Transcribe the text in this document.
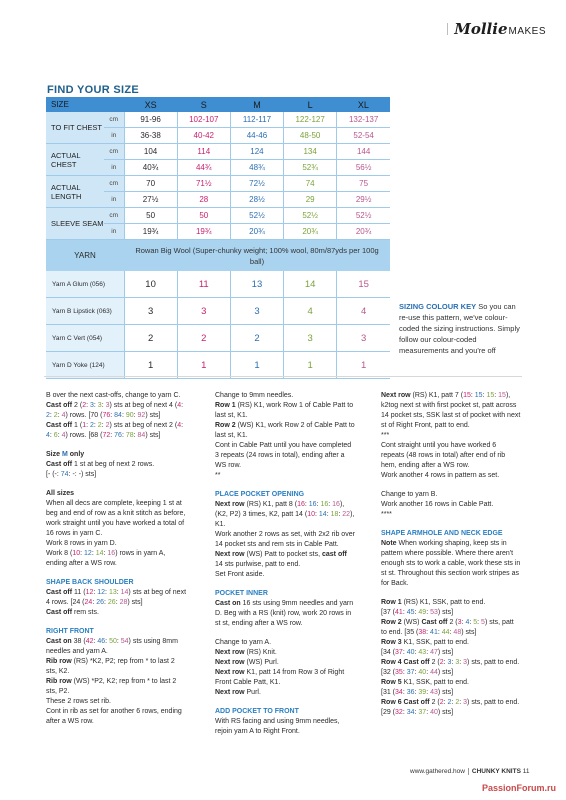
Mollie MAKES
FIND YOUR SIZE
SIZE		XS	S	M	L	XL
TO FIT CHEST	cm	91-96	102-107	112-117	122-127	132-137
	in	36-38	40-42	44-46	48-50	52-54
ACTUAL CHEST	cm	104	114	124	134	144
	in	40¾	44¾	48¾	52¾	56½
ACTUAL LENGTH	cm	70	71½	72½	74	75
	in	27½	28	28½	29	29½
SLEEVE SEAM	cm	50	50	52½	52½	52½
	in	19¾	19¾	20¾	20¾	20¾
YARN		Rowan Big Wool (Super-chunky weight; 100% wool, 80m/87yds per 100g ball)				
Yarn A Glum (056)		10	11	13	14	15
Yarn B Lipstick (063)		3	3	3	4	4
Yarn C Vert (054)		2	2	2	3	3
Yarn D Yoke (124)		1	1	1	1	1
SIZING COLOUR KEY So you can re-use this pattern, we've colour-coded the sizing instructions. Simply follow our colour-coded measurements and you're off

B over the next cast-offs, change to yarn C.

Cast off 2 (2: 3: 3: 3) sts at beg of next 4 (4: 2: 2: 4) rows. [70 (76: 84: 90: 92) sts]

Cast off 1 (1: 2: 2: 2) sts at beg of next 2 (4: 4: 6: 4) rows. [68 (72: 76: 78: 84) sts]

Size M only

Cast off 1 st at beg of next 2 rows.

[- (-: 74: -: -) sts]

All sizes

When all decs are complete, keeping 1 st at beg and end of row as a knit stitch as before, work straight until you have worked a total of 16 rows in yarn C.

Work 8 rows in yarn D.

Work 8 (10: 12: 14: 16) rows in yarn A, ending after a WS row.

SHAPE BACK SHOULDER

Cast off 11 (12: 12: 13: 14) sts at beg of next 4 rows. [24 (24: 26: 26: 28) sts]

Cast off rem sts.

RIGHT FRONT

Cast on 38 (42: 46: 50: 54) sts using 8mm needles and yarn A.

Rib row (RS) *K2, P2; rep from * to last 2 sts, K2.

Rib row (WS) *P2, K2; rep from * to last 2 sts, P2.

These 2 rows set rib.

Cont in rib as set for another 6 rows, ending after a WS row.

Change to 9mm needles.

Row 1 (RS) K1, work Row 1 of Cable Patt to last st, K1.

Row 2 (WS) K1, work Row 2 of Cable Patt to last st, K1.

Cont in Cable Patt until you have completed 3 repeats (24 rows in total), ending after a WS row.

**

PLACE POCKET OPENING

Next row (RS) K1, patt 8 (16: 16: 16: 16), (K2, P2) 3 times, K2, patt 14 (10: 14: 18: 22), K1.

Work another 2 rows as set, with 2x2 rib over 14 pocket sts and rem sts in Cable Patt.

Next row (WS) Patt to pocket sts, cast off 14 sts purlwise, patt to end.

Set Front aside.

POCKET INNER

Cast on 16 sts using 9mm needles and yarn D. Beg with a RS (knit) row, work 20 rows in st st, ending after a WS row.

Change to yarn A.

Next row (RS) Knit.

Next row (WS) Purl.

Next row K1, patt 14 from Row 3 of Right Front Cable Patt, K1.

Next row Purl.

ADD POCKET TO FRONT

With RS facing and using 9mm needles, rejoin yarn A to Right Front.

Next row (RS) K1, patt 7 (15: 15: 15: 15), k2tog next st with first pocket st, patt across 14 pocket sts, SSK last st of pocket with next st of Right Front, patt to end.

***

Cont straight until you have worked 6 repeats (48 rows in total) after end of rib hem, ending after a WS row.

Work another 4 rows in pattern as set.

Change to yarn B.

Work another 16 rows in Cable Patt.

****

SHAPE ARMHOLE AND NECK EDGE

Note When working shaping, keep sts in pattern where possible. Where there aren't enough sts to work a cable, work these sts in st st. Throughout this section work stripes as for Back.

Row 1 (RS) K1, SSK, patt to end.

[37 (41: 45: 49: 53) sts]

Row 2 (WS) Cast off 2 (3: 4: 5: 5) sts, patt to end. [35 (38: 41: 44: 48) sts]

Row 3 K1, SSK, patt to end.

[34 (37: 40: 43: 47) sts]

Row 4 Cast off 2 (2: 3: 3: 3) sts, patt to end. [32 (35: 37: 40: 44) sts]

Row 5 K1, SSK, patt to end.

[31 (34: 36: 39: 43) sts]

Row 6 Cast off 2 (2: 2: 2: 3) sts, patt to end. [29 (32: 34: 37: 40) sts]

www.gathered.how CHUNKY KNITS 11
PassionForum.ru
